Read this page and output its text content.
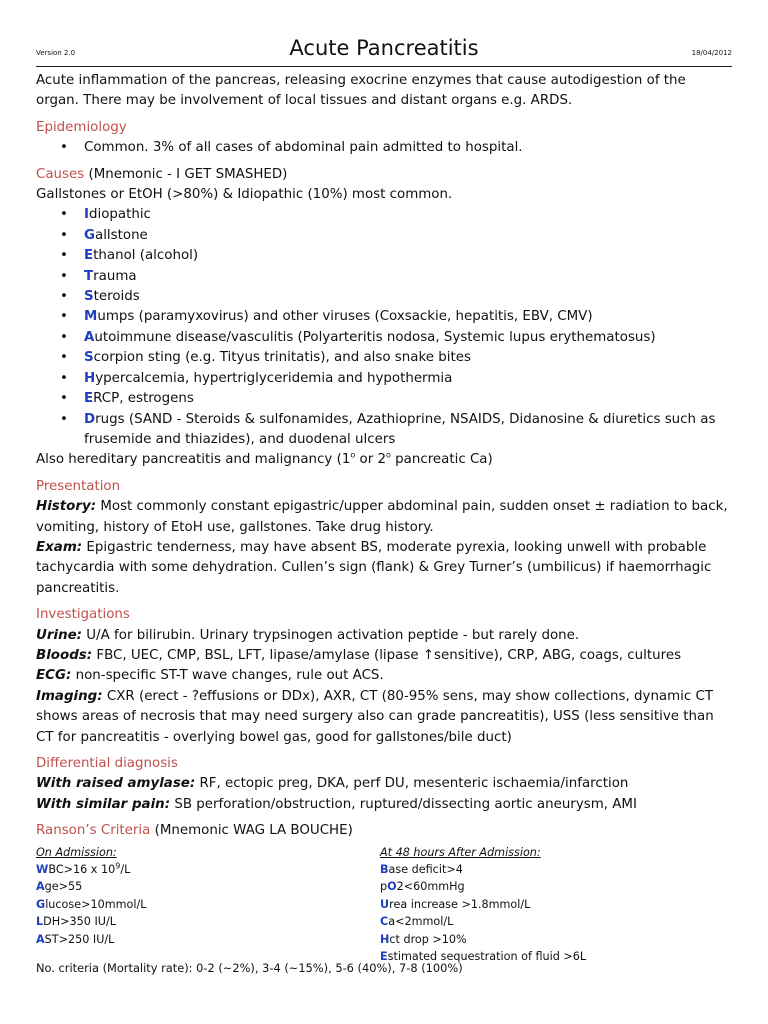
Version 2.0	Acute Pancreatitis	18/04/2012

Acute inflammation of the pancreas, releasing exocrine enzymes that cause autodigestion of the organ. There may be involvement of local tissues and distant organs e.g. ARDS.

Epidemiology

• Common. 3% of all cases of abdominal pain admitted to hospital.

Causes (Mnemonic - I GET SMASHED)

Gallstones or EtOH (>80%) & Idiopathic (10%) most common.

• Idiopathic
• Gallstone
• Ethanol (alcohol)
• Trauma
• Steroids
• Mumps (paramyxovirus) and other viruses (Coxsackie, hepatitis, EBV, CMV)
• Autoimmune disease/vasculitis (Polyarteritis nodosa, Systemic lupus erythematosus)
• Scorpion sting (e.g. Tityus trinitatis), and also snake bites
• Hypercalcemia, hypertriglyceridemia and hypothermia
• ERCP, estrogens
• Drugs (SAND - Steroids & sulfonamides, Azathioprine, NSAIDS, Didanosine & diuretics such as frusemide and thiazides), and duodenal ulcers

Also hereditary pancreatitis and malignancy (1$^o$ or 2$^o$ pancreatic Ca)

Presentation

History: Most commonly constant epigastric/upper abdominal pain, sudden onset ± radiation to back, vomiting, history of EtoH use, gallstones. Take drug history.

Exam: Epigastric tenderness, may have absent BS, moderate pyrexia, looking unwell with probable tachycardia with some dehydration. Cullen’s sign (flank) & Grey Turner’s (umbilicus) if haemorrhagic pancreatitis.

Investigations

Urine: U/A for bilirubin. Urinary trypsinogen activation peptide - but rarely done.

Bloods: FBC, UEC, CMP, BSL, LFT, lipase/amylase (lipase ↑sensitive), CRP, ABG, coags, cultures

ECG: non-specific ST-T wave changes, rule out ACS.

Imaging: CXR (erect - ?effusions or DDx), AXR, CT (80-95% sens, may show collections, dynamic CT shows areas of necrosis that may need surgery also can grade pancreatitis), USS (less sensitive than CT for pancreatitis - overlying bowel gas, good for gallstones/bile duct)

Differential diagnosis

With raised amylase: RF, ectopic preg, DKA, perf DU, mesenteric ischaemia/infarction

With similar pain: SB perforation/obstruction, ruptured/dissecting aortic aneurysm, AMI

Ranson’s Criteria (Mnemonic WAG LA BOUCHE)

On Admission:
WBC>16 x $10^9/L$
Age>55
Glucose>10mmol/L
LDH>350 IU/L
AST>250 IU/L
At 48 hours After Admission:
Base deficit>4
pO2<60mmHg
Urea increase >1.8mmol/L
Ca<2mmol/L
Hct drop >10%
Estimated sequestration of fluid >6L

No. criteria (Mortality rate): 0-2 (~2%), 3-4 (~15%), 5-6 (40%), 7-8 (100%)
